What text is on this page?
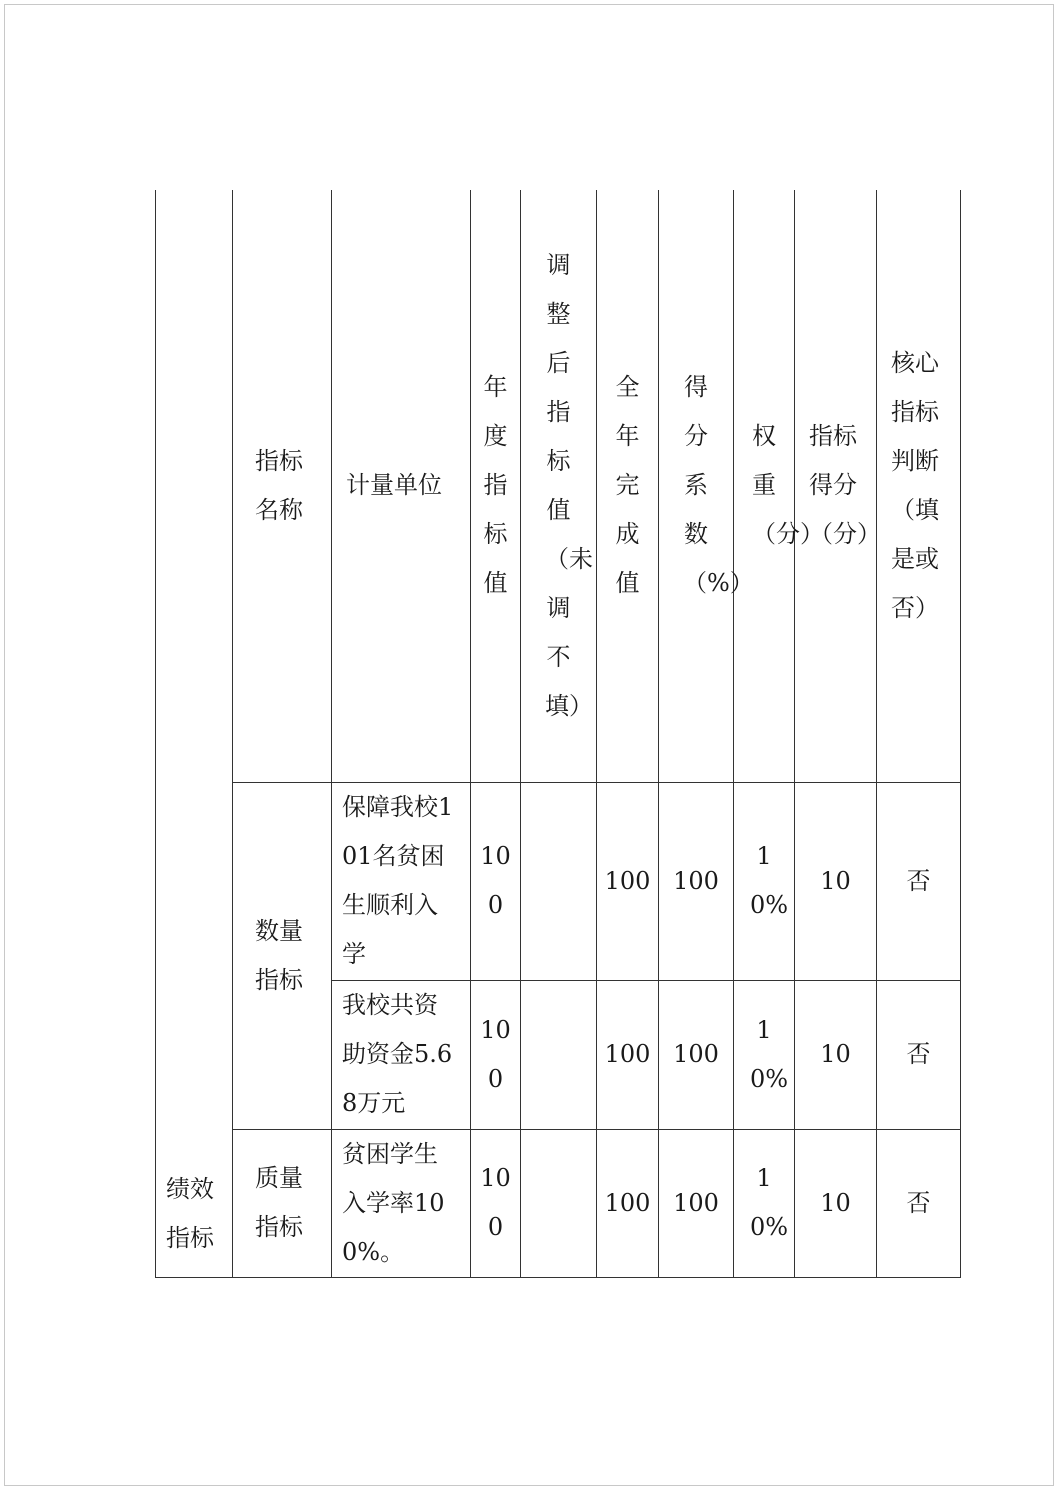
绩效指标	指标名称	计量单位	年度指标值	调整后指标值（未调不填）	全年完成值	得分系数（%）	权重（分）	指标得分（分）	核心指标判断（填是或否）
	数量指标	保障我校101名贫困生顺利入学	100		100	100	10%	10	否
		我校共资助资金5.68万元	100		100	100	10%	10	否
	质量指标	贫困学生入学率100%。	100		100	100	10%	10	否
